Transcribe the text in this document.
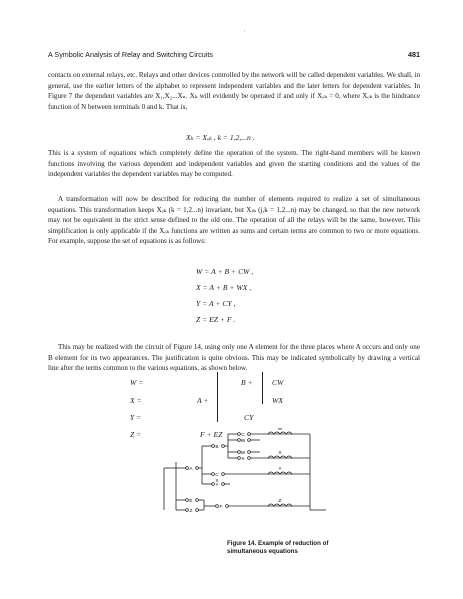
'
A Symbolic Analysis of Relay and Switching Circuits	481
contacts on external relays, etc. Relays and other devices controlled by the network will be called dependent variables. We shall, in general, use the earlier letters of the alphabet to represent independent variables and the later letters for dependent variables. In Figure 7 the dependent variables are X₁,X₂...Xₙ. Xₖ will evidently be operated if and only if Xₒₖ = 0, where Xₒₖ is the hindrance function of N between terminals 0 and k. That is,
Xₖ = Xₒₖ , k = 1,2,...n .
This is a system of equations which completely define the operation of the system. The right-hand members will be known functions involving the various dependent and independent variables and given the starting conditions and the values of the independent variables the dependent variables may be computed.
A transformation will now be described for reducing the number of elements required to realize a set of simultaneous equations. This transformation keeps Xₒₖ (k = 1,2...n) invariant, but Xⱼₖ (j,k = 1,2...n) may be changed, so that the new network may not be equivalent in the strict sense defined to the old one. The operation of all the relays will be the same, however, This simplification is only applicable if the Xₒₖ functions are written as sums and certain terms are common to two or more equations. For example, suppose the set of equations is as follows:
W = A + B + CW ,
X = A + B + WX ,
Y = A + CY ,
Z = EZ + F .
This may be realized with the circuit of Figure 14, using only one A element for the three places where A occurs and only one B element for its two appearances. The justification is quite obvious. This may be indicated symbolically by drawing a vertical line after the terms common to the various equations, as shown below.
W =
X =
Y =
Z =
A +
B +
CY
CW
WX
F + EZ	C
W
B
W
X
A
C
X
Y
E
Z
F
W
X
Y
Z
Figure 14. Example of reduction of simultaneous equations
